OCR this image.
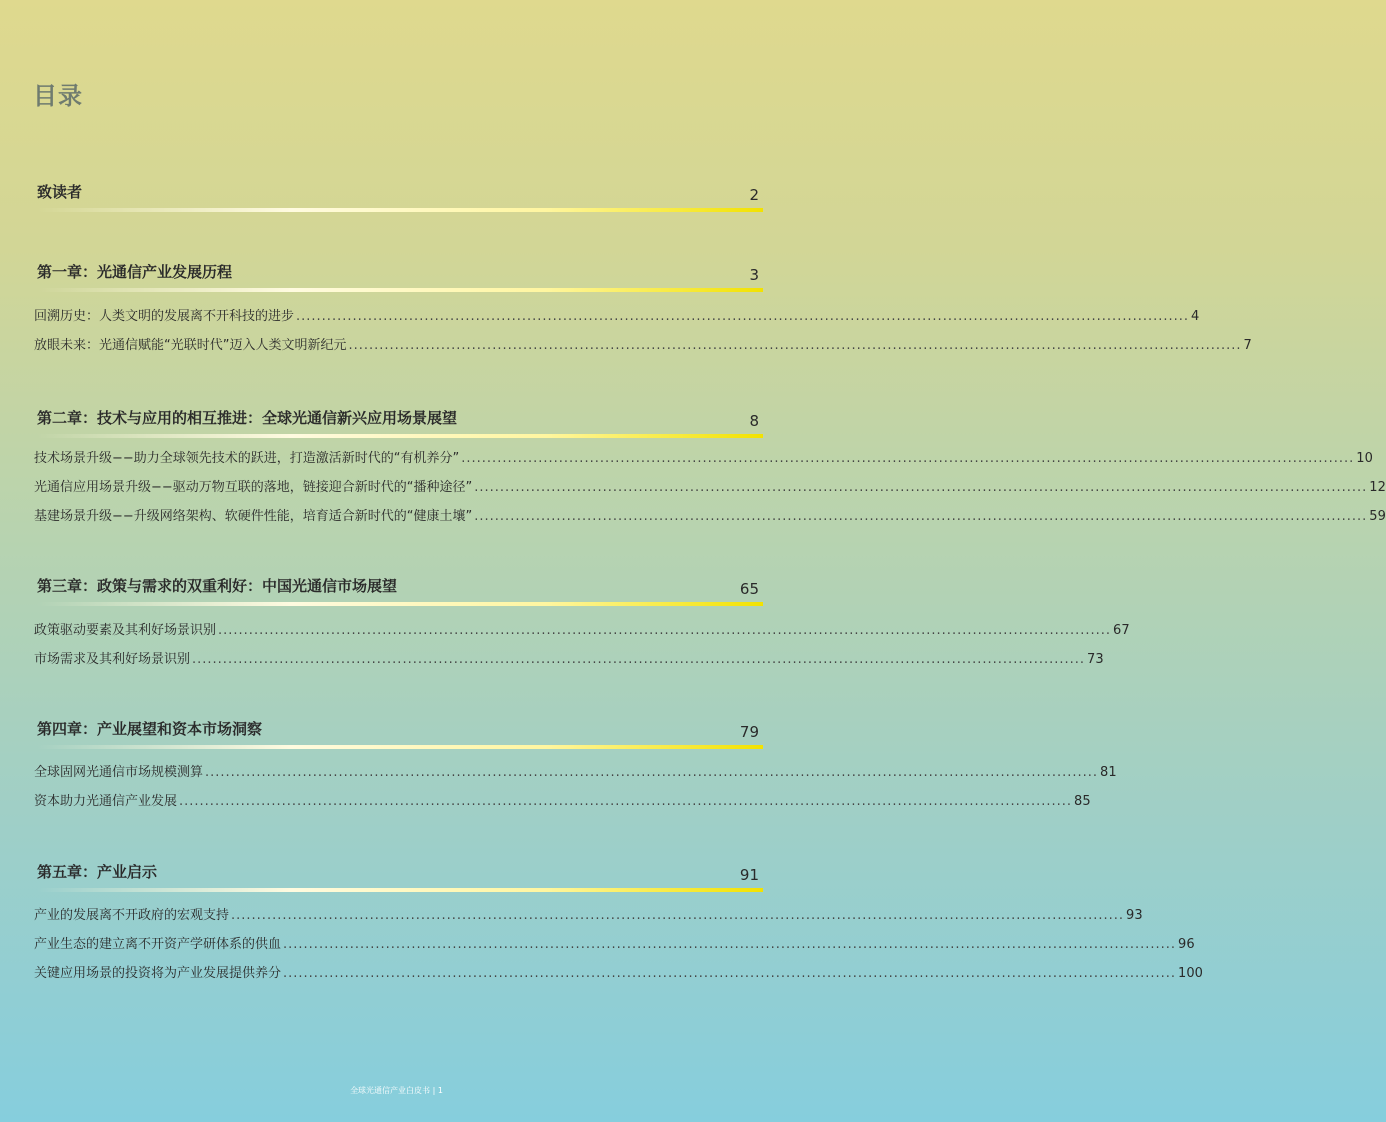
目录
致读者	2
第一章：光通信产业发展历程	3
回溯历史：人类文明的发展离不开科技的进步 .............................................................................................................................................................................. 4
放眼未来：光通信赋能“光联时代”迈入人类文明新纪元 .............................................................................................................................................................................. 7
第二章：技术与应用的相互推进：全球光通信新兴应用场景展望	8
技术场景升级−−助力全球领先技术的跃进，打造激活新时代的“有机养分” .............................................................................................................................................................................. 10
光通信应用场景升级−−驱动万物互联的落地，链接迎合新时代的“播种途径” .............................................................................................................................................................................. 12
基建场景升级−−升级网络架构、软硬件性能，培育适合新时代的“健康土壤” .............................................................................................................................................................................. 59
第三章：政策与需求的双重利好：中国光通信市场展望	65
政策驱动要素及其利好场景识别 .............................................................................................................................................................................. 67
市场需求及其利好场景识别 .............................................................................................................................................................................. 73
第四章：产业展望和资本市场洞察	79
全球固网光通信市场规模测算 .............................................................................................................................................................................. 81
资本助力光通信产业发展 .............................................................................................................................................................................. 85
第五章：产业启示	91
产业的发展离不开政府的宏观支持 .............................................................................................................................................................................. 93
产业生态的建立离不开资产学研体系的供血 .............................................................................................................................................................................. 96
关键应用场景的投资将为产业发展提供养分 .............................................................................................................................................................................. 100
全球光通信产业白皮书 | 1
